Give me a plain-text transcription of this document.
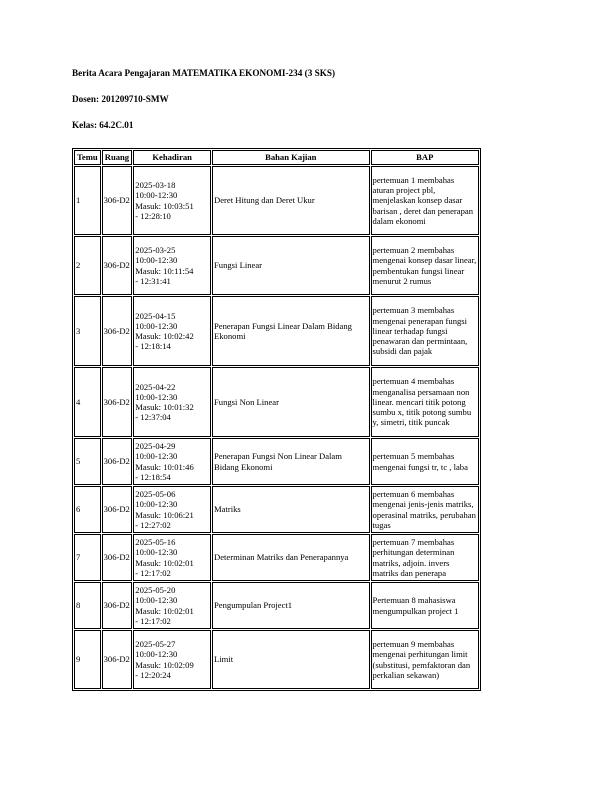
Berita Acara Pengajaran MATEMATIKA EKONOMI-234 (3 SKS)

Dosen: 201209710-SMW

Kelas: 64.2C.01

Temu	Ruang	Kehadiran	Bahan Kajian	BAP
1	306-D2	2025-03-18
10:00-12:30
Masuk: 10:03:51
- 12:28:10	Deret Hitung dan Deret Ukur	pertemuan 1 membahas aturan project pbl, menjelaskan konsep dasar barisan , deret dan penerapan dalam ekonomi
2	306-D2	2025-03-25
10:00-12:30
Masuk: 10:11:54
- 12:31:41	Fungsi Linear	pertemuan 2 membahas mengenai konsep dasar linear, pembentukan fungsi linear menurut 2 rumus
3	306-D2	2025-04-15
10:00-12:30
Masuk: 10:02:42
- 12:18:14	Penerapan Fungsi Linear Dalam Bidang Ekonomi	pertemuan 3 membahas mengenai penerapan fungsi linear terhadap fungsi penawaran dan permintaan, subsidi dan pajak
4	306-D2	2025-04-22
10:00-12:30
Masuk: 10:01:32
- 12:37:04	Fungsi Non Linear	pertemuan 4 membahas menganalisa persamaan non linear. mencari titik potong sumbu x, titik potong sumbu y, simetri, titik puncak
5	306-D2	2025-04-29
10:00-12:30
Masuk: 10:01:46
- 12:18:54	Penerapan Fungsi Non Linear Dalam Bidang Ekonomi	pertemuan 5 membahas mengenai fungsi tr, tc , laba
6	306-D2	2025-05-06
10:00-12:30
Masuk: 10:06:21
- 12:27:02	Matriks	pertemuan 6 membahas mengenai jenis-jenis matriks, operasinal matriks, perubahan tugas
7	306-D2	2025-05-16
10:00-12:30
Masuk: 10:02:01
- 12:17:02	Determinan Matriks dan Penerapannya	pertemuan 7 membahas perhitungan determinan matriks, adjoin. invers matriks dan penerapa
8	306-D2	2025-05-20
10:00-12:30
Masuk: 10:02:01
- 12:17:02	Pengumpulan Project1	Pertemuan 8 mahasiswa mengumpulkan project 1
9	306-D2	2025-05-27
10:00-12:30
Masuk: 10:02:09
- 12:20:24	Limit	pertemuan 9 membahas mengenai perhitungan limit (substitusi, pemfaktoran dan perkalian sekawan)
